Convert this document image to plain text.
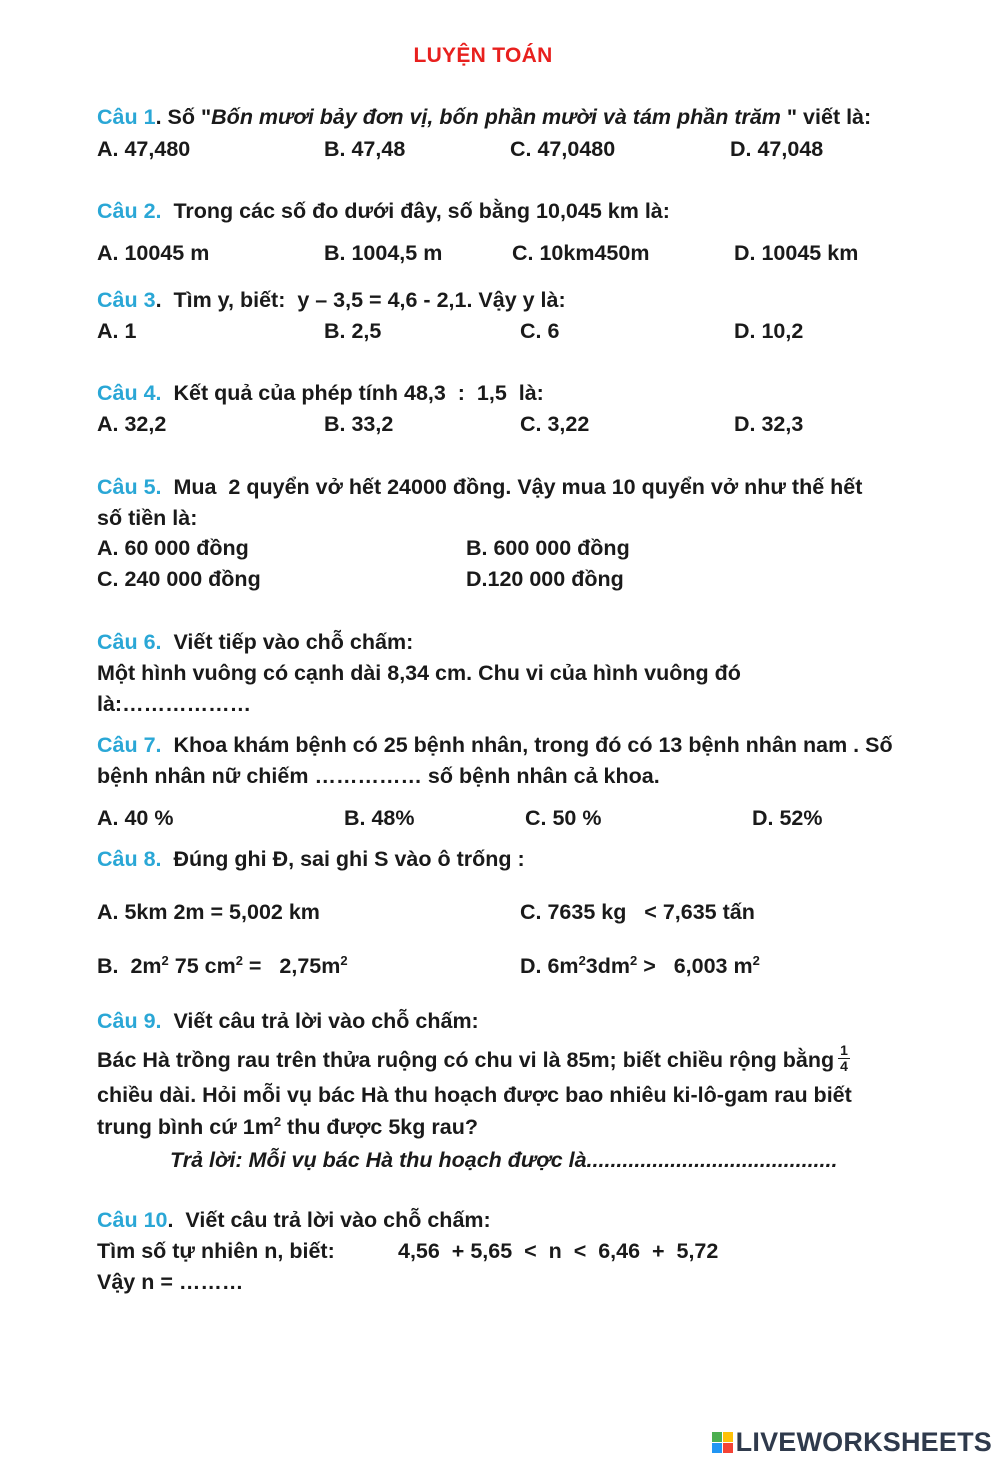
LUYỆN TOÁN
Câu 1. Số "Bốn mươi bảy đơn vị, bốn phần mười và tám phần trăm " viết là:
A. 47,480	B. 47,48	C. 47,0480	D. 47,048
Câu 2.  Trong các số đo dưới đây, số bằng 10,045 km là:
A. 10045 m	B. 1004,5 m	C. 10km450m	D. 10045 km
Câu 3.  Tìm y, biết:  y – 3,5 = 4,6 - 2,1. Vậy y là:
A. 1	B. 2,5	C. 6	D. 10,2
Câu 4.  Kết quả của phép tính 48,3  :  1,5  là:
A. 32,2	B. 33,2	C. 3,22	D. 32,3
Câu 5.  Mua  2 quyển vở hết 24000 đồng. Vậy mua 10 quyển vở như thế hết
số tiền là:
A. 60 000 đồng	B. 600 000 đồng
C. 240 000 đồng	D.120 000 đồng
Câu 6.  Viết tiếp vào chỗ chấm:
Một hình vuông có cạnh dài 8,34 cm. Chu vi của hình vuông đó
là:………………
Câu 7.  Khoa khám bệnh có 25 bệnh nhân, trong đó có 13 bệnh nhân nam . Số
bệnh nhân nữ chiếm …………… số bệnh nhân cả khoa.
A. 40 %	B. 48%	C. 50 %	D. 52%
Câu 8.  Đúng ghi Đ, sai ghi S vào ô trống :
A. 5km 2m = 5,002 km	C. 7635 kg   < 7,635 tấn
B.  $2m^2$ 75 $cm^2 = 2,75m^2$	D. $6m^23dm^2 > 6,003$ $m^2$
Câu 9.  Viết câu trả lời vào chỗ chấm:
Bác Hà trồng rau trên thửa ruộng có chu vi là 85m; biết chiều rộng bằng $\frac{1}{4}$
chiều dài. Hỏi mỗi vụ bác Hà thu hoạch được bao nhiêu ki-lô-gam rau biết
trung bình cứ $1m^2$ thu được 5kg rau?
Trả lời: Mỗi vụ bác Hà thu hoạch được là..........................................
Câu 10.  Viết câu trả lời vào chỗ chấm:
Tìm số tự nhiên n, biết:	4,56  + 5,65  <  n  <  6,46  +  5,72
Vậy n = ………
LIVEWORKSHEETS
